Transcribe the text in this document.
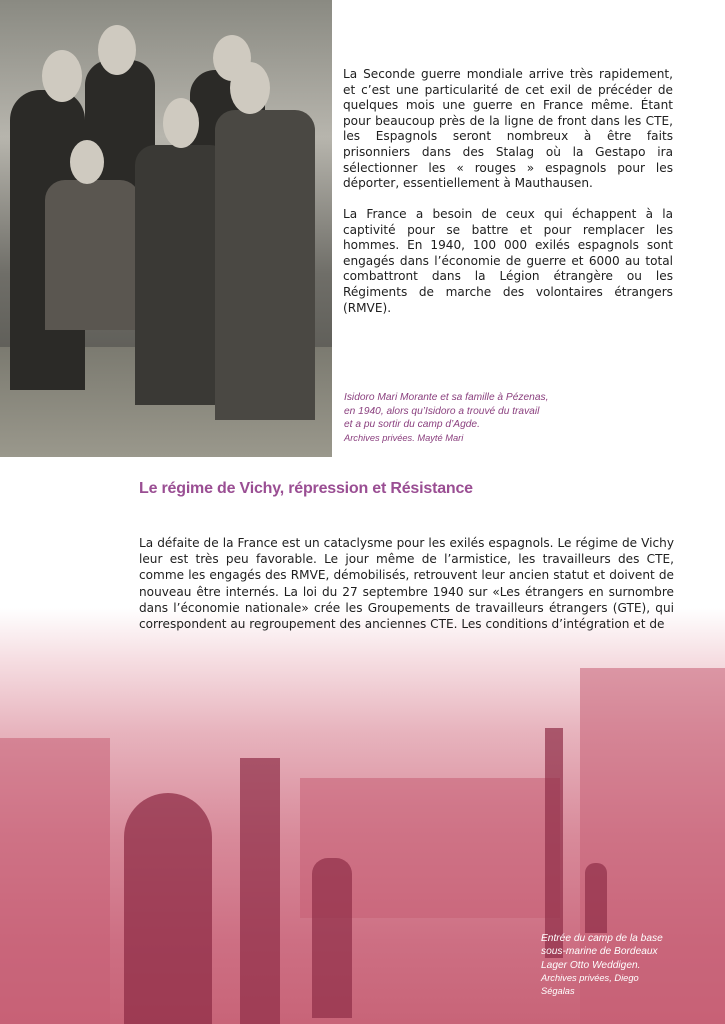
La Seconde guerre mondiale arrive très rapidement, et c’est une particularité de cet exil de précéder de quelques mois une guerre en France même. Étant pour beaucoup près de la ligne de front dans les CTE, les Espagnols seront nombreux à être faits prisonniers dans des Stalag où la Gestapo ira sélectionner les « rouges » espagnols pour les déporter, essentiellement à Mauthausen.

La France a besoin de ceux qui échappent à la captivité pour se battre et pour remplacer les hommes. En 1940, 100 000 exilés espagnols sont engagés dans l’économie de guerre et 6000 au total combattront dans la Légion étrangère ou les Régiments de marche des volontaires étrangers (RMVE).

Isidoro Mari Morante et sa famille à Pézenas,
en 1940, alors qu’Isidoro a trouvé du travail
et a pu sortir du camp d’Agde.
Archives privées. Mayté Mari
Le régime de Vichy, répression et Résistance

La défaite de la France est un cataclysme pour les exilés espagnols. Le régime de Vichy leur est très peu favorable. Le jour même de l’armistice, les travailleurs des CTE, comme les engagés des RMVE, démobilisés, retrouvent leur ancien statut et doivent de nouveau être internés. La loi du 27 septembre 1940 sur «Les étrangers en surnombre dans l’économie nationale» crée les Groupements de travailleurs étrangers (GTE), qui correspondent au regroupement des anciennes CTE. Les conditions d’intégration et de

Entrée du camp de la base
sous-marine de Bordeaux
Lager Otto Weddigen.
Archives privées, Diego
Ségalas
